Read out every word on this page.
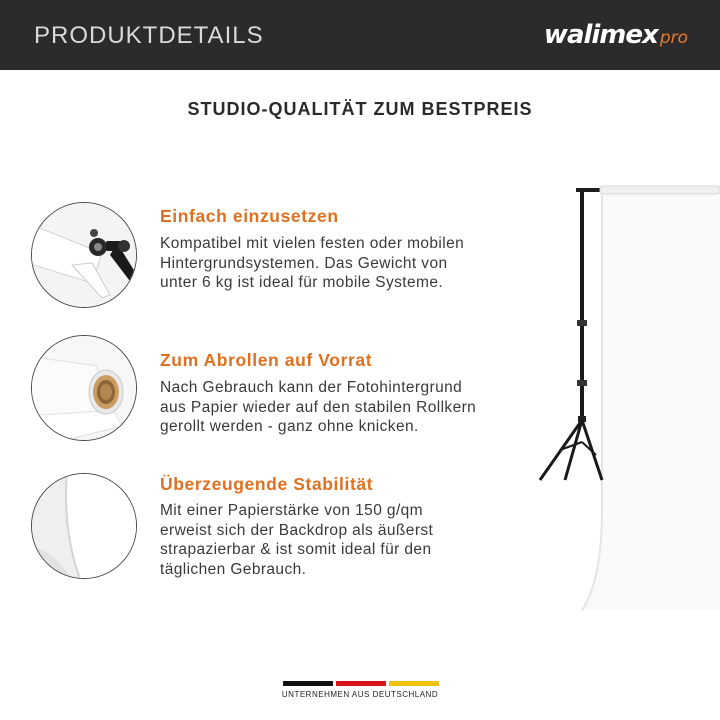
PRODUKTDETAILS	walimex pro
STUDIO-QUALITÄT ZUM BESTPREIS
Einfach einzusetzen
Kompatibel mit vielen festen oder mobilen
Hintergrundsystemen. Das Gewicht von
unter 6 kg ist ideal für mobile Systeme.
Zum Abrollen auf Vorrat
Nach Gebrauch kann der Fotohintergrund
aus Papier wieder auf den stabilen Rollkern
gerollt werden - ganz ohne knicken.
Überzeugende Stabilität
Mit einer Papierstärke von 150 g/qm
erweist sich der Backdrop als äußerst
strapazierbar & ist somit ideal für den
täglichen Gebrauch.
UNTERNEHMEN AUS DEUTSCHLAND
